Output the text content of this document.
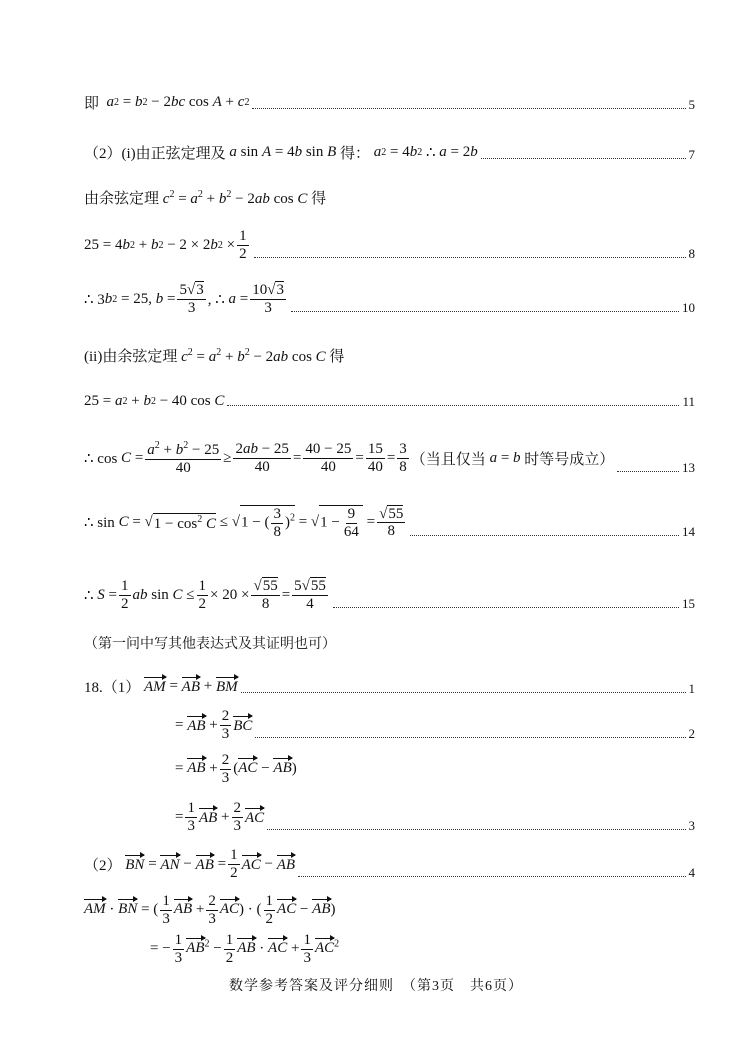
即 a 2 = b 2 − 2 bc cos A + c 2	5
（2）(i)由正弦定理及 a sin A = 4 b sin B 得： a 2 = 4 b 2 ∴ a = 2 b	7
由余弦定理 $c^2 = a^2 + b^2 - 2ab$ cos C 得
25 = 4 b 2 + b 2 − 2 × 2 b $2 \times \frac{1}{2}$	8
∴ 3 b 2 = 25, $b = \frac{5√3}{3}$ , ∴ $a = \frac{10√3}{3}$	10
(ii)由余弦定理 $c^2 = a^2 + b^2 - 2ab$ cos C 得
25 = a 2 + b 2 − 40 cos C	11
∴ $\cos C = \frac{a^2 + b^2 - 25}{40} \ge \frac{2ab - 25}{40} = \frac{40 - 25}{40} = \frac{15}{40} = \frac{3}{8}$ （当且仅当 a = b 时等号成立）	13
∴ sin C = √ $1 - \cos^2 C$ ≤ √ 1 − ( $\frac{3}{8} )^2$ = √ $1 - \frac{9}{64} = \frac{√55}{8}$	14
∴ $S = \frac{1}{2}$ ab $\sin C \le \frac{1}{2} \times 20 \times \frac{√55}{8} = \frac{5√55}{4}$	15
（第一问中写其他表达式及其证明也可）
18.（1） AM = AB + BM	1
= AB + $\frac{2}{3}$ BC	2
= AB + $\frac{2}{3} (AC - AB)$
= $\frac{1}{3}$ AB + $\frac{2}{3}$ AC	3
（2） BN = AN − AB = $\frac{1}{2}$ AC − AB	4
AM · BN = ( $\frac{1}{3}$ AB + $\frac{2}{3} AC$) · ( $\frac{1}{2}$ AC − AB)
= − $\frac{1}{3} AB^2 - \frac{1}{2}$ AB · AC + $\frac{1}{3} AC^2$
数学参考答案及评分细则　（第3页　共6页）
